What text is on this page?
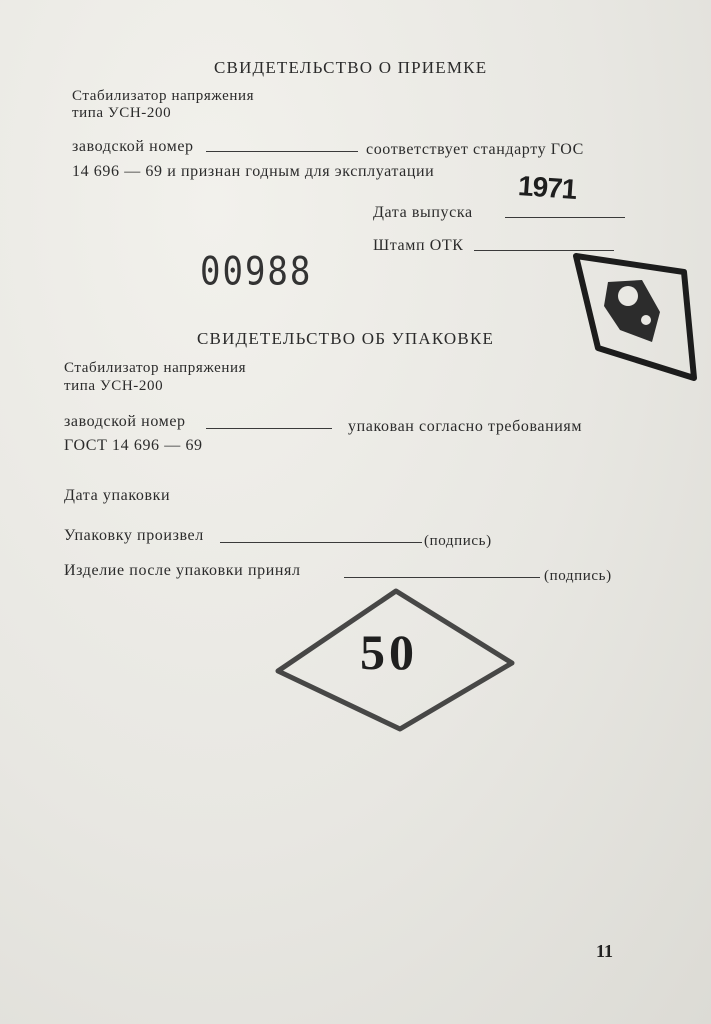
СВИДЕТЕЛЬСТВО О ПРИЕМКЕ
Стабилизатор напряжения
типа УСН-200
заводской номер	соответствует стандарту ГОС
14 696 — 69 и признан годным для эксплуатации
Дата выпуска
1971
Штамп ОТК
00988
СВИДЕТЕЛЬСТВО ОБ УПАКОВКЕ
Стабилизатор напряжения
типа УСН-200
заводской номер	упакован согласно требованиям
ГОСТ 14 696 — 69
Дата упаковки
Упаковку произвел	(подпись)
Изделие после упаковки принял	(подпись)
50
11
